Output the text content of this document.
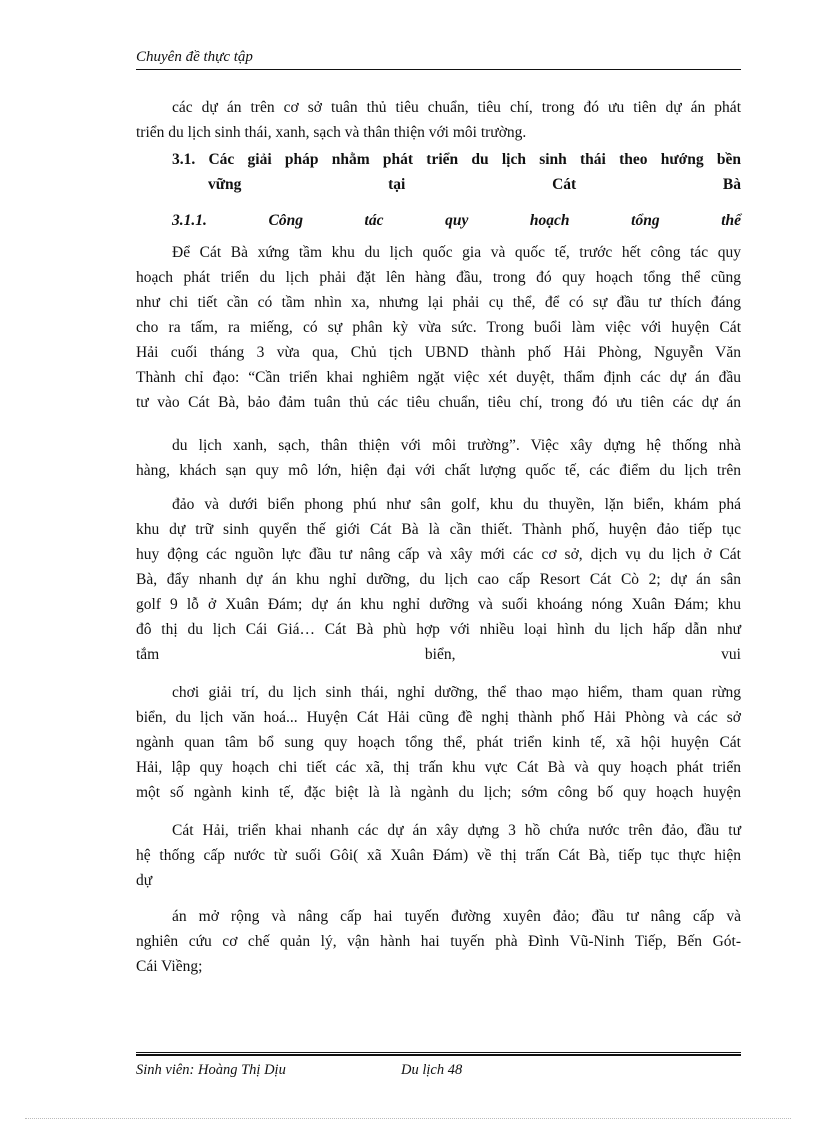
Chuyên đề thực tập
các dự án trên cơ sở tuân thủ tiêu chuẩn, tiêu chí, trong đó ưu tiên dự án phát
triển du lịch sinh thái, xanh, sạch và thân thiện với môi trường.
3.1. Các giải pháp nhằm phát triển du lịch sinh thái theo hướng bền
vững tại Cát Bà
3.1.1. Công tác quy hoạch tổng thể
Để Cát Bà xứng tầm khu du lịch quốc gia và quốc tế, trước hết công tác quy
hoạch phát triển du lịch phải đặt lên hàng đầu, trong đó quy hoạch tổng thể cũng
như chi tiết cần có tầm nhìn xa, nhưng lại phải cụ thể, để có sự đầu tư thích đáng
cho ra tấm, ra miếng, có sự phân kỳ vừa sức. Trong buổi làm việc với huyện Cát
Hải cuối tháng 3 vừa qua, Chủ tịch UBND thành phố Hải Phòng, Nguyễn Văn
Thành chỉ đạo: “Cần triển khai nghiêm ngặt việc xét duyệt, thẩm định các dự án đầu
tư vào Cát Bà, bảo đảm tuân thủ các tiêu chuẩn, tiêu chí, trong đó ưu tiên các dự án
du lịch xanh, sạch, thân thiện với môi trường”. Việc xây dựng hệ thống nhà
hàng, khách sạn quy mô lớn, hiện đại với chất lượng quốc tế, các điểm du lịch trên
đảo và dưới biển phong phú như sân golf, khu du thuyền, lặn biển, khám phá
khu dự trữ sinh quyển thế giới Cát Bà là cần thiết. Thành phố, huyện đảo tiếp tục
huy động các nguồn lực đầu tư nâng cấp và xây mới các cơ sở, dịch vụ du lịch ở Cát
Bà, đẩy nhanh dự án khu nghỉ dưỡng, du lịch cao cấp Resort Cát Cò 2; dự án sân
golf 9 lỗ ở Xuân Đám; dự án khu nghỉ dưỡng và suối khoáng nóng Xuân Đám; khu
đô thị du lịch Cái Giá… Cát Bà phù hợp với nhiều loại hình du lịch hấp dẫn như
tắm biển, vui
chơi giải trí, du lịch sinh thái, nghỉ dưỡng, thể thao mạo hiểm, tham quan rừng
biển, du lịch văn hoá... Huyện Cát Hải cũng đề nghị thành phố Hải Phòng và các sở
ngành quan tâm bổ sung quy hoạch tổng thể, phát triển kinh tế, xã hội huyện Cát
Hải, lập quy hoạch chi tiết các xã, thị trấn khu vực Cát Bà và quy hoạch phát triển
một số ngành kinh tế, đặc biệt là là ngành du lịch; sớm công bố quy hoạch huyện
Cát Hải, triển khai nhanh các dự án xây dựng 3 hồ chứa nước trên đảo, đầu tư
hệ thống cấp nước từ suối Gôi( xã Xuân Đám) về thị trấn Cát Bà, tiếp tục thực hiện
dự
án mở rộng và nâng cấp hai tuyến đường xuyên đảo; đầu tư nâng cấp và
nghiên cứu cơ chế quản lý, vận hành hai tuyến phà Đình Vũ-Ninh Tiếp, Bến Gót-
Cái Viềng;
Sinh viên: Hoàng Thị Dịu	Du lịch 48
